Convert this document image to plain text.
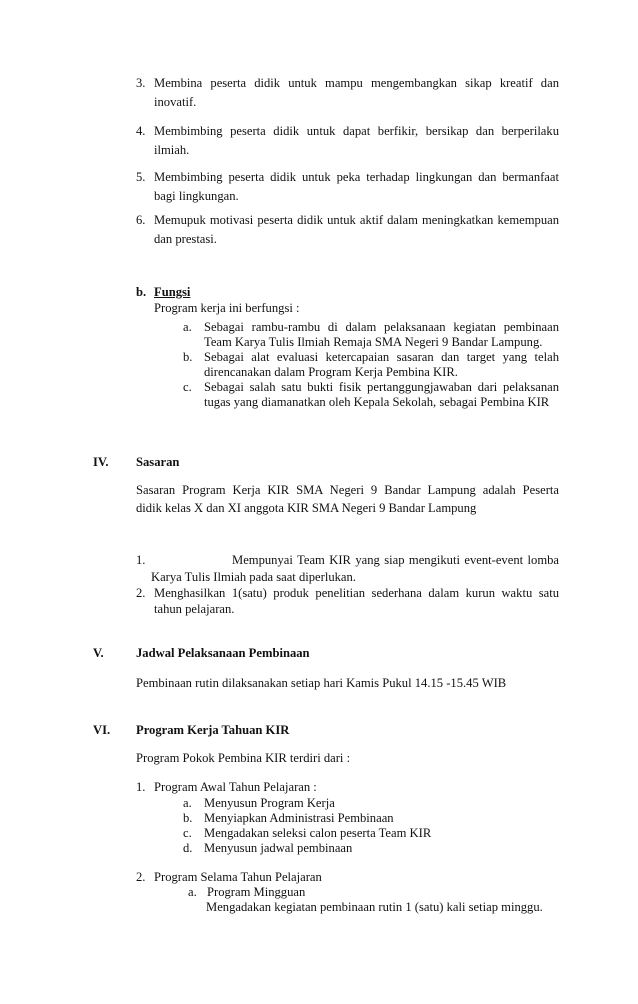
3. Membina peserta didik untuk mampu mengembangkan sikap kreatif dan
inovatif.
4. Membimbing peserta didik untuk dapat berfikir, bersikap dan berperilaku
ilmiah.
5. Membimbing peserta didik untuk peka terhadap lingkungan dan bermanfaat
bagi lingkungan.
6. Memupuk motivasi peserta didik untuk aktif dalam meningkatkan kemempuan
dan prestasi.
b. Fungsi
Program kerja ini berfungsi :
a. Sebagai rambu-rambu di dalam pelaksanaan kegiatan pembinaan
Team Karya Tulis Ilmiah Remaja SMA Negeri 9 Bandar Lampung.
b. Sebagai alat evaluasi ketercapaian sasaran dan target yang telah
direncanakan dalam Program Kerja Pembina KIR.
c. Sebagai salah satu bukti fisik pertanggungjawaban dari pelaksanan
tugas yang diamanatkan oleh Kepala Sekolah, sebagai Pembina KIR
IV. Sasaran
Sasaran Program Kerja KIR SMA Negeri 9 Bandar Lampung adalah Peserta
didik kelas X dan XI anggota KIR SMA Negeri 9 Bandar Lampung
1.	Mempunyai Team KIR yang siap mengikuti event-event lomba
Karya Tulis Ilmiah pada saat diperlukan.
2. Menghasilkan 1(satu) produk penelitian sederhana dalam kurun waktu satu
tahun pelajaran.
V.	Jadwal Pelaksanaan Pembinaan
Pembinaan rutin dilaksanakan setiap hari Kamis Pukul 14.15 -15.45 WIB
VI. Program Kerja Tahuan KIR
Program Pokok Pembina KIR terdiri dari :
1. Program Awal Tahun Pelajaran :
a. Menyusun Program Kerja
b. Menyiapkan Administrasi Pembinaan
c. Mengadakan seleksi calon peserta Team KIR
d. Menyusun jadwal pembinaan
2. Program Selama Tahun Pelajaran
a. Program Mingguan
Mengadakan kegiatan pembinaan rutin 1 (satu) kali setiap minggu.
